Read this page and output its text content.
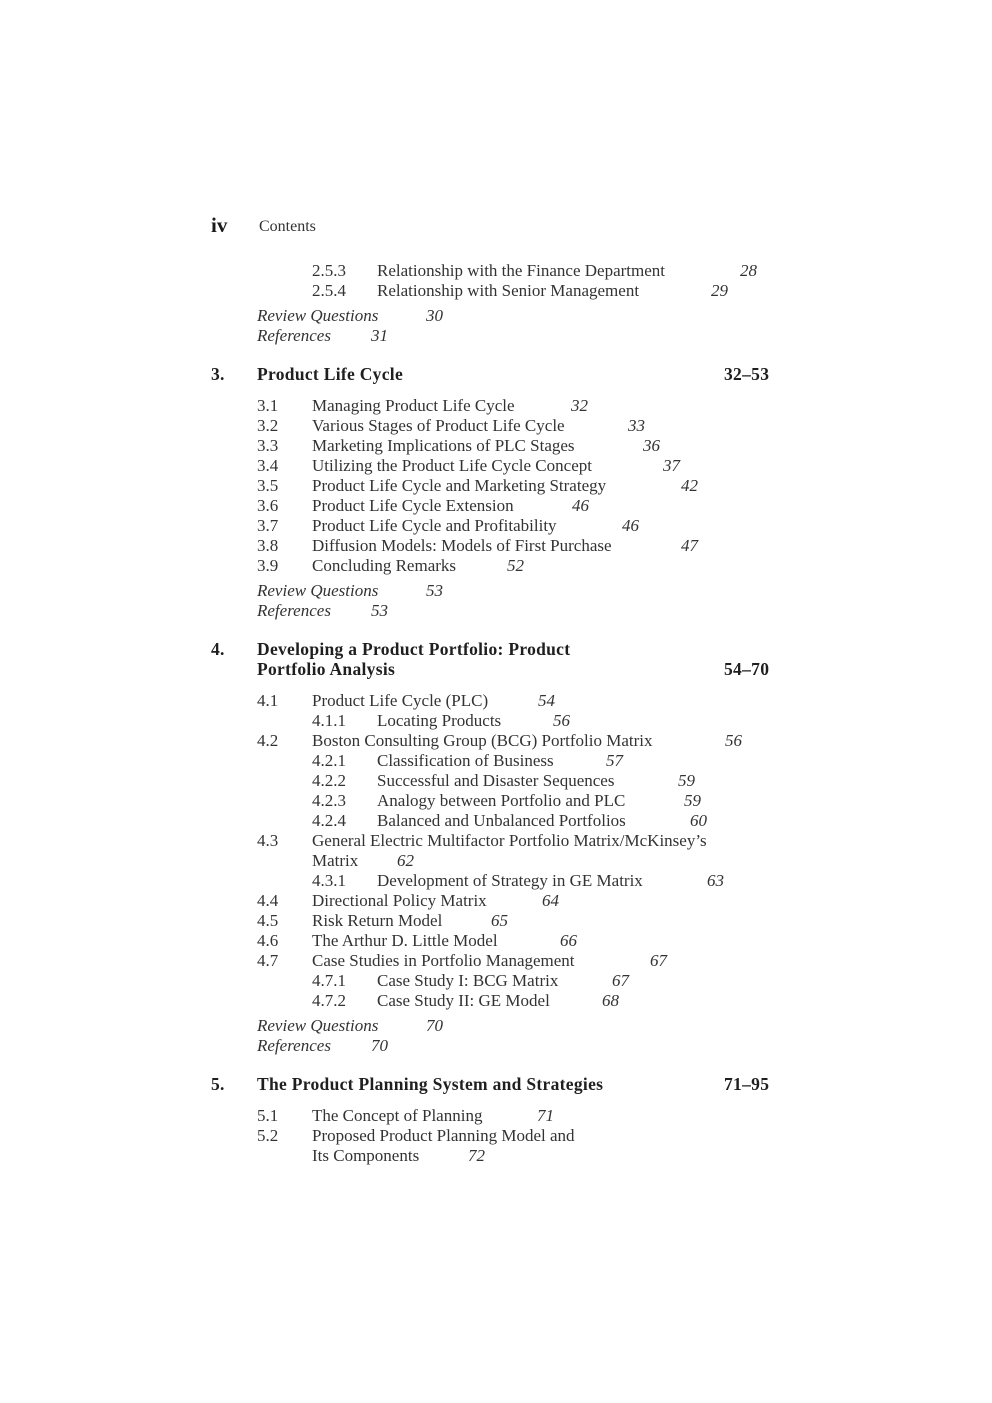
iv Contents
2.5.3 Relationship with the Finance Department	28
2.5.4 Relationship with Senior Management	29
Review Questions	30
References 31
3. Product Life Cycle	32–53
3.1 Managing Product Life Cycle	32
3.2 Various Stages of Product Life Cycle	33
3.3 Marketing Implications of PLC Stages	36
3.4 Utilizing the Product Life Cycle Concept	37
3.5 Product Life Cycle and Marketing Strategy	42
3.6 Product Life Cycle Extension	46
3.7 Product Life Cycle and Profitability	46
3.8 Diffusion Models: Models of First Purchase	47
3.9 Concluding Remarks	52
Review Questions	53
References 53
4. Developing a Product Portfolio: Product
Portfolio Analysis	54–70
4.1 Product Life Cycle (PLC)	54
4.1.1 Locating Products	56
4.2 Boston Consulting Group (BCG) Portfolio Matrix	56
4.2.1 Classification of Business	57
4.2.2 Successful and Disaster Sequences	59
4.2.3 Analogy between Portfolio and PLC	59
4.2.4 Balanced and Unbalanced Portfolios	60
4.3 General Electric Multifactor Portfolio Matrix/McKinsey’s
Matrix 62
4.3.1 Development of Strategy in GE Matrix	63
4.4 Directional Policy Matrix	64
4.5 Risk Return Model	65
4.6 The Arthur D. Little Model	66
4.7 Case Studies in Portfolio Management	67
4.7.1 Case Study I: BCG Matrix	67
4.7.2 Case Study II: GE Model	68
Review Questions	70
References 70
5. The Product Planning System and Strategies	71–95
5.1 The Concept of Planning	71
5.2 Proposed Product Planning Model and
Its Components	72
